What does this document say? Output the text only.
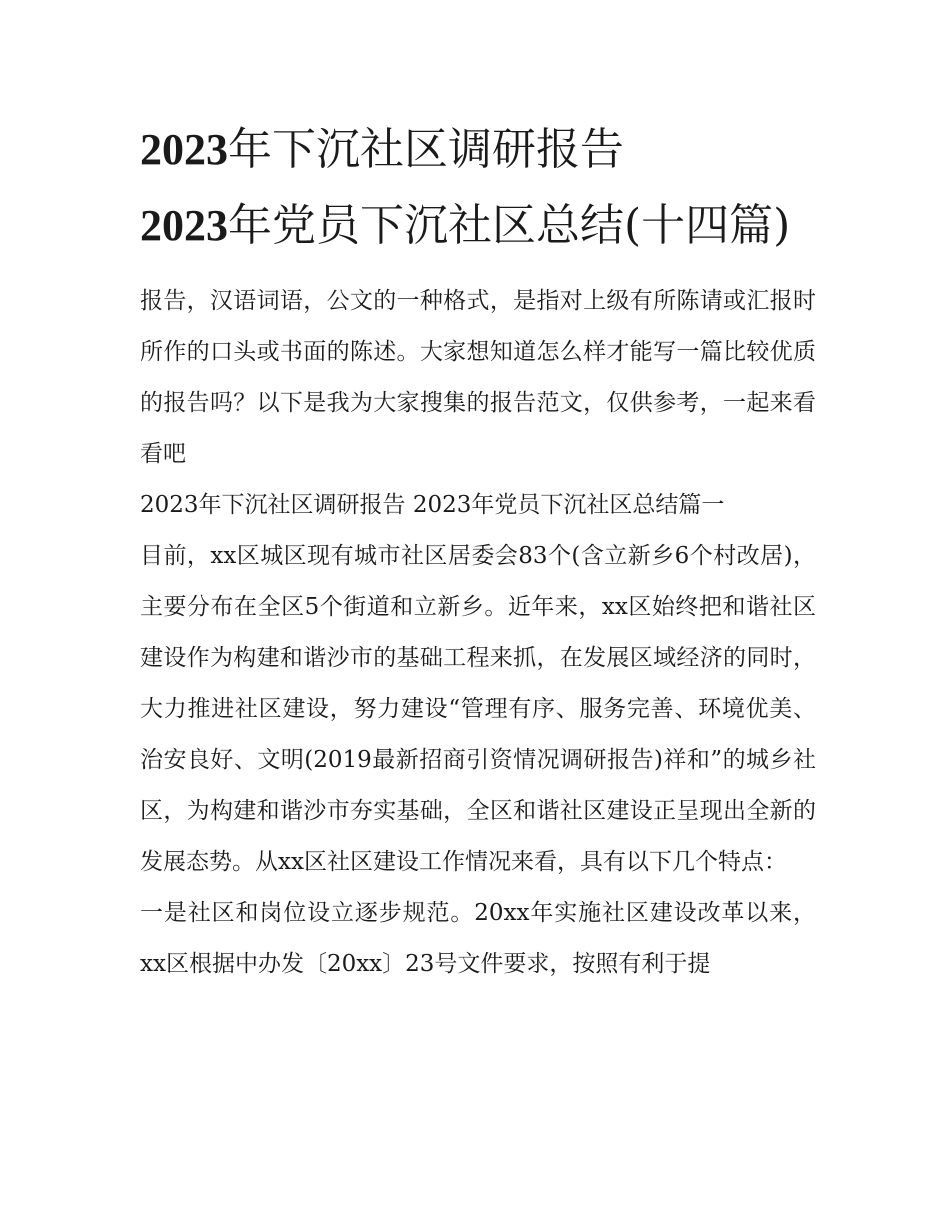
2023年下沉社区调研报告
2023年党员下沉社区总结(十四篇)

报告，汉语词语，公文的一种格式，是指对上级有所陈请或汇报时所作的口头或书面的陈述。大家想知道怎么样才能写一篇比较优质的报告吗？以下是我为大家搜集的报告范文，仅供参考，一起来看看吧

2023年下沉社区调研报告 2023年党员下沉社区总结篇一

目前，xx区城区现有城市社区居委会83个(含立新乡6个村改居)，主要分布在全区5个街道和立新乡。近年来，xx区始终把和谐社区建设作为构建和谐沙市的基础工程来抓，在发展区域经济的同时，大力推进社区建设，努力建设“管理有序、服务完善、环境优美、治安良好、文明(2019最新招商引资情况调研报告)祥和”的城乡社区，为构建和谐沙市夯实基础，全区和谐社区建设正呈现出全新的发展态势。从xx区社区建设工作情况来看，具有以下几个特点：

一是社区和岗位设立逐步规范。20xx年实施社区建设改革以来，xx区根据中办发〔20xx〕23号文件要求，按照有利于提
